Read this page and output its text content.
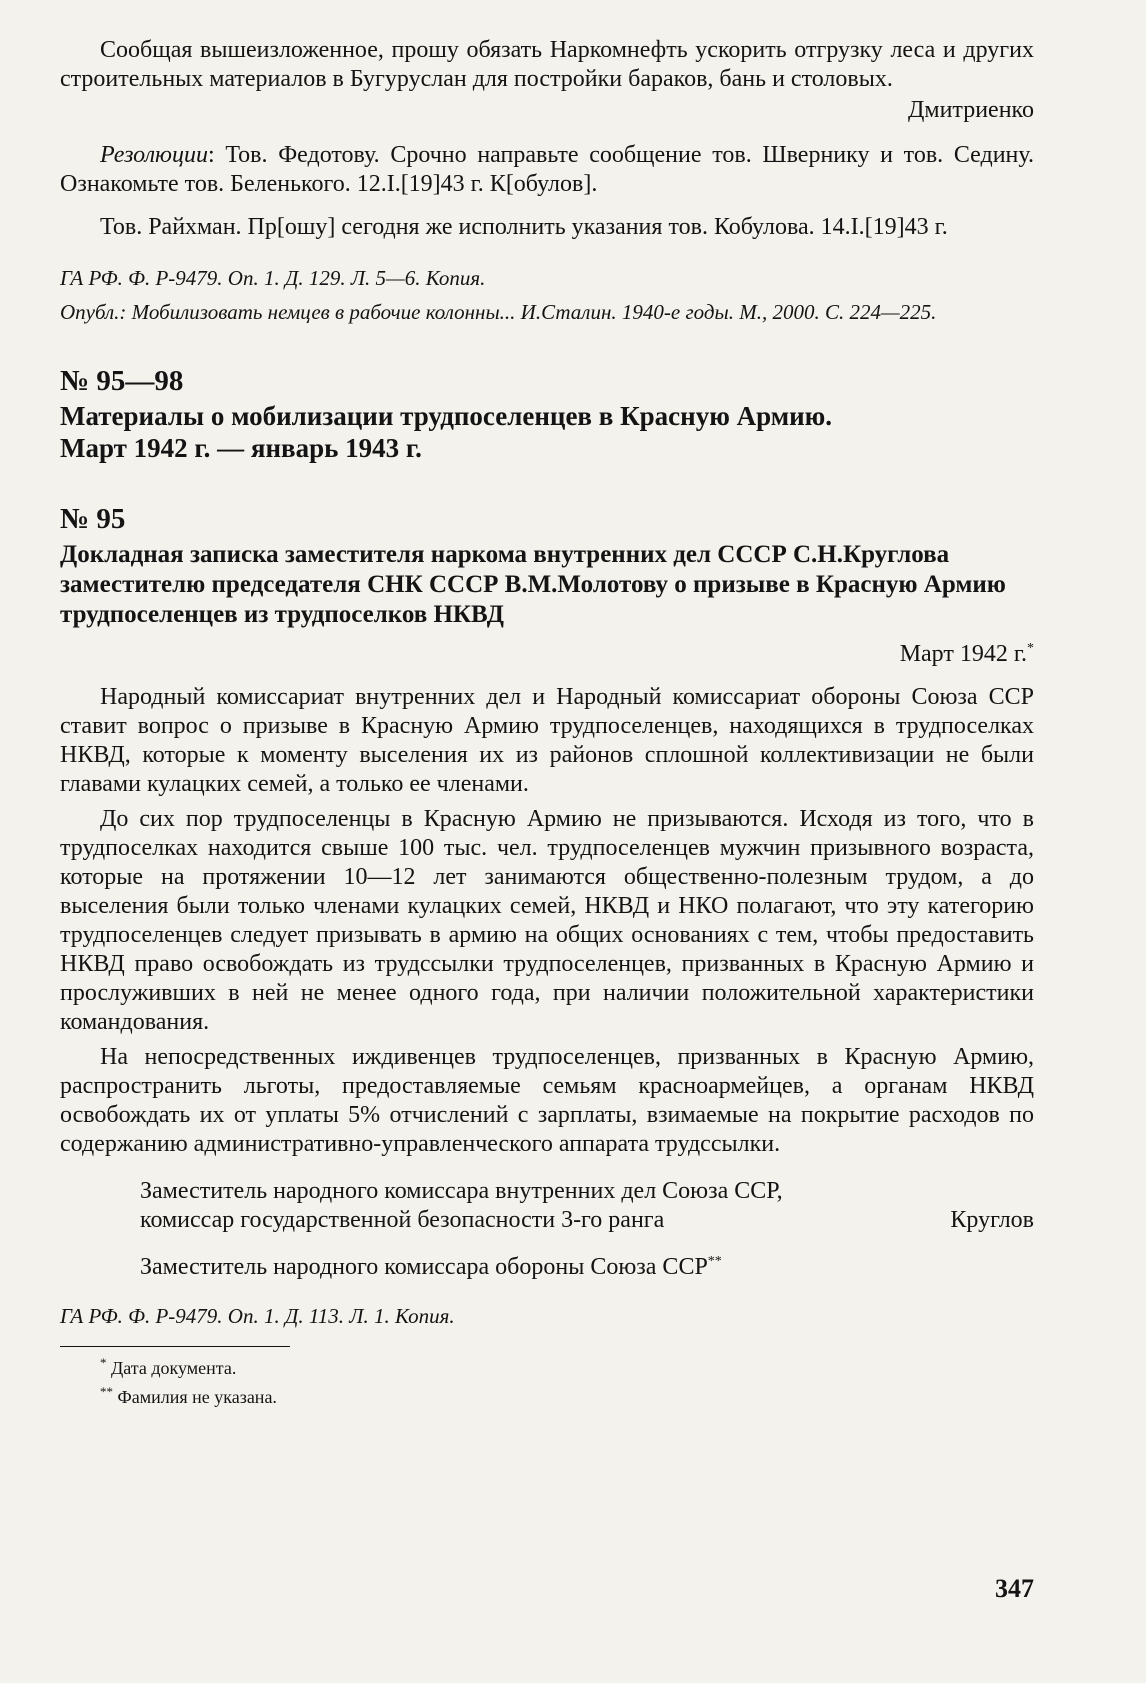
Сообщая вышеизложенное, прошу обязать Наркомнефть ускорить отгрузку леса и других строительных материалов в Бугуруслан для постройки бараков, бань и столовых.

Дмитриенко

Резолюции: Тов. Федотову. Срочно направьте сообщение тов. Швернику и тов. Седину. Ознакомьте тов. Беленького. 12.I.[19]43 г. К[обулов].

Тов. Райхман. Пр[ошу] сегодня же исполнить указания тов. Кобулова. 14.I.[19]43 г.

ГА РФ. Ф. Р-9479. Оп. 1. Д. 129. Л. 5—6. Копия.

Опубл.: Мобилизовать немцев в рабочие колонны... И.Сталин. 1940-е годы. М., 2000. С. 224—225.

№ 95—98

Материалы о мобилизации трудпоселенцев в Красную Армию.

Март 1942 г. — январь 1943 г.

№ 95

Докладная записка заместителя наркома внутренних дел СССР С.Н.Круглова заместителю председателя СНК СССР В.М.Молотову о призыве в Красную Армию трудпоселенцев из трудпоселков НКВД

Март 1942 г.*

Народный комиссариат внутренних дел и Народный комиссариат обороны Союза ССР ставит вопрос о призыве в Красную Армию трудпоселенцев, находящихся в трудпоселках НКВД, которые к моменту выселения их из районов сплошной коллективизации не были главами кулацких семей, а только ее членами.

До сих пор трудпоселенцы в Красную Армию не призываются. Исходя из того, что в трудпоселках находится свыше 100 тыс. чел. трудпоселенцев мужчин призывного возраста, которые на протяжении 10—12 лет занимаются общественно-полезным трудом, а до выселения были только членами кулацких семей, НКВД и НКО полагают, что эту категорию трудпоселенцев следует призывать в армию на общих основаниях с тем, чтобы предоставить НКВД право освобождать из трудссылки трудпоселенцев, призванных в Красную Армию и прослуживших в ней не менее одного года, при наличии положительной характеристики командования.

На непосредственных иждивенцев трудпоселенцев, призванных в Красную Армию, распространить льготы, предоставляемые семьям красноармейцев, а органам НКВД освобождать их от уплаты 5% отчислений с зарплаты, взимаемые на покрытие расходов по содержанию административно-управленческого аппарата трудссылки.

Заместитель народного комиссара внутренних дел Союза ССР,

комиссар государственной безопасности 3-го ранга	Круглов

Заместитель народного комиссара обороны Союза ССР**

ГА РФ. Ф. Р-9479. Оп. 1. Д. 113. Л. 1. Копия.

* Дата документа.

** Фамилия не указана.

347
